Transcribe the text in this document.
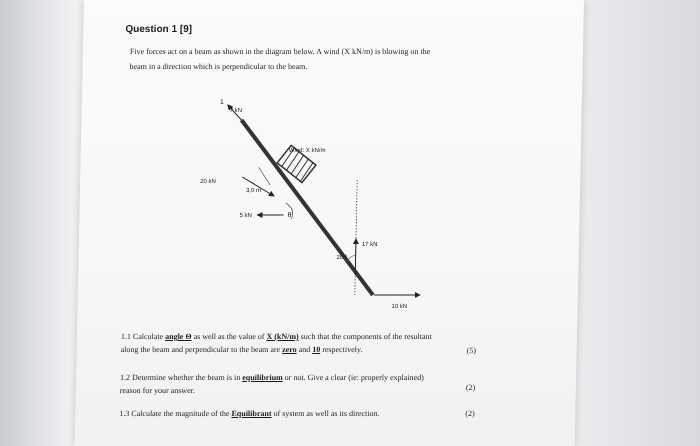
Question 1 [9]
Five forces act on a beam as shown in the diagram below. A wind (X kN/m) is blowing on the
beam in a direction which is perpendicular to the beam.
1
7 kN
Wind: X kN/m
20 kN
3,0 m
5 kN	θ
17 kN
20 º
10 kN
1.1 Calculate angle Θ as well as the value of X (kN/m) such that the components of the resultant
along the beam and perpendicular to the beam are zero and 10 respectively.	(5)
1.2 Determine whether the beam is in equilibrium or not. Give a clear (ie: properly explained)
reason for your answer.	(2)
1.3 Calculate the magnitude of the Equilibrant of system as well as its direction.	(2)
